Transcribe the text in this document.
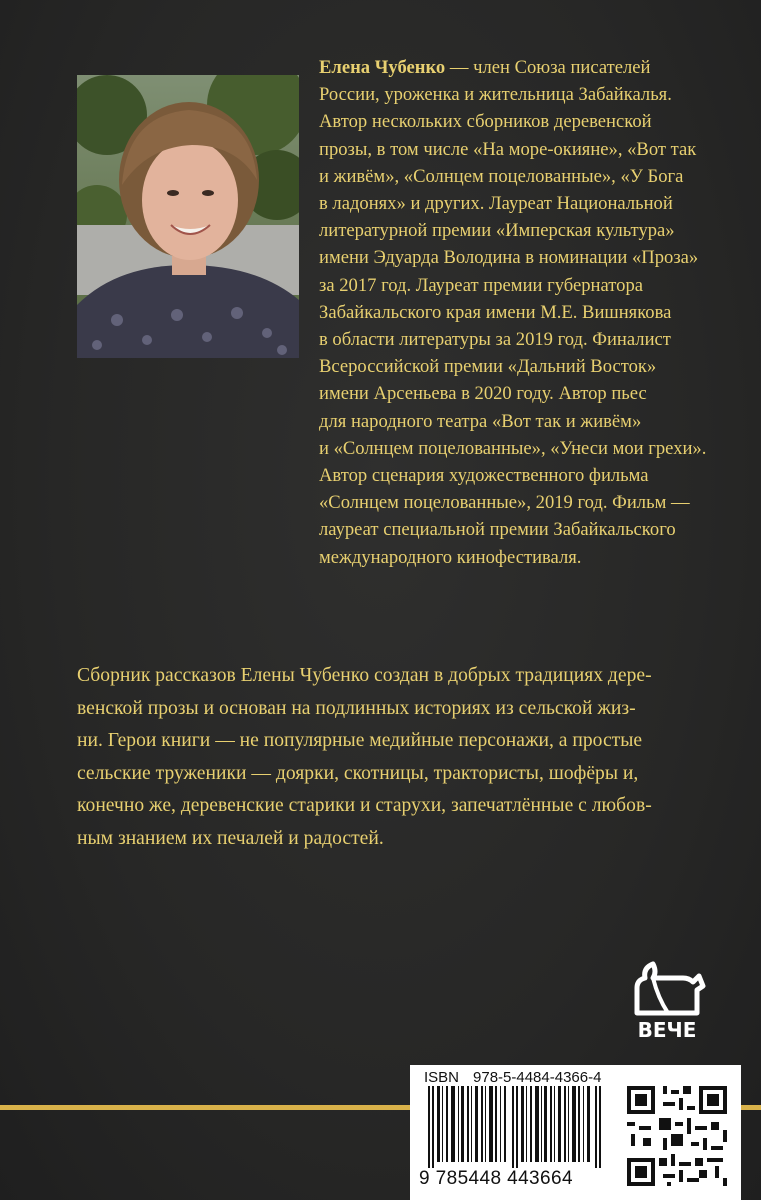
Елена Чубенко — член Союза писателей
России, уроженка и жительница Забайкалья.
Автор нескольких сборников деревенской
прозы, в том числе «На море-окияне», «Вот так
и живём», «Солнцем поцелованные», «У Бога
в ладонях» и других. Лауреат Национальной
литературной премии «Имперская культура»
имени Эдуарда Володина в номинации «Проза»
за 2017 год. Лауреат премии губернатора
Забайкальского края имени М.Е. Вишнякова
в области литературы за 2019 год. Финалист
Всероссийской премии «Дальний Восток»
имени Арсеньева в 2020 году. Автор пьес
для народного театра «Вот так и живём»
и «Солнцем поцелованные», «Унеси мои грехи».
Автор сценария художественного фильма
«Солнцем поцелованные», 2019 год. Фильм —
лауреат специальной премии Забайкальского
международного кинофестиваля.
Сборник рассказов Елены Чубенко создан в добрых традициях дере-
венской прозы и основан на подлинных историях из сельской жиз-
ни. Герои книги — не популярные медийные персонажи, а простые
сельские труженики — доярки, скотницы, трактористы, шофёры и,
конечно же, деревенские старики и старухи, запечатлённые с любов-
ным знанием их печалей и радостей.
ВЕЧЕ
ISBN 978-5-4484-4366-4
9 785448 443664
